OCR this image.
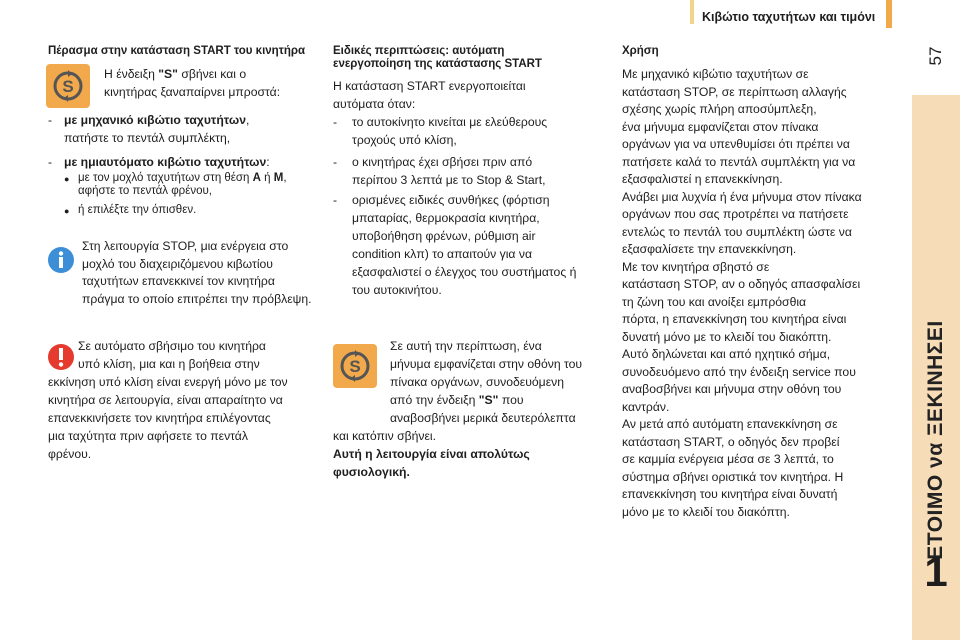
Κιβώτιο ταχυτήτων και τιμόνι
57
ΕΤΟΙΜΟ να ΞΕΚΙΝΗΣΕΙ
1
Πέρασμα στην κατάσταση START του κινητήρα
S
Η ένδειξη "S" σβήνει και ο
κινητήρας ξαναπαίρνει μπροστά:
- με μηχανικό κιβώτιο ταχυτήτων,
πατήστε το πεντάλ συμπλέκτη,
- με ημιαυτόματο κιβώτιο ταχυτήτων:
● με τον μοχλό ταχυτήτων στη θέση A ή M,
αφήστε το πεντάλ φρένου,
● ή επιλέξτε την όπισθεν.
Στη λειτουργία STOP, μια ενέργεια στο
μοχλό του διαχειριζόμενου κιβωτίου
ταχυτήτων επανεκκινεί τον κινητήρα
πράγμα το οποίο επιτρέπει την πρόβλεψη.
Σε αυτόματο σβήσιμο του κινητήρα
υπό κλίση, μια και η βοήθεια στην
εκκίνηση υπό κλίση είναι ενεργή μόνο με τον
κινητήρα σε λειτουργία, είναι απαραίτητο να
επανεκκινήσετε τον κινητήρα επιλέγοντας
μια ταχύτητα πριν αφήσετε το πεντάλ
φρένου.
Ειδικές περιπτώσεις: αυτόματη
ενεργοποίηση της κατάστασης START
Η κατάσταση START ενεργοποιείται
αυτόματα όταν:
- το αυτοκίνητο κινείται με ελεύθερους
τροχούς υπό κλίση,
- ο κινητήρας έχει σβήσει πριν από
περίπου 3 λεπτά με το Stop & Start,
- ορισμένες ειδικές συνθήκες (φόρτιση
μπαταρίας, θερμοκρασία κινητήρα,
υποβοήθηση φρένων, ρύθμιση air
condition κλπ) το απαιτούν για να
εξασφαλιστεί ο έλεγχος του συστήματος ή
του αυτοκινήτου.
S
Σε αυτή την περίπτωση, ένα
μήνυμα εμφανίζεται στην οθόνη του
πίνακα οργάνων, συνοδευόμενη
από την ένδειξη "S" που
αναβοσβήνει μερικά δευτερόλεπτα
και κατόπιν σβήνει.
Αυτή η λειτουργία είναι απολύτως
φυσιολογική.
Χρήση
Με μηχανικό κιβώτιο ταχυτήτων σε
κατάσταση STOP, σε περίπτωση αλλαγής
σχέσης χωρίς πλήρη αποσύμπλεξη,
ένα μήνυμα εμφανίζεται στον πίνακα
οργάνων για να υπενθυμίσει ότι πρέπει να
πατήσετε καλά το πεντάλ συμπλέκτη για να
εξασφαλιστεί η επανεκκίνηση.
Ανάβει μια λυχνία ή ένα μήνυμα στον πίνακα
οργάνων που σας προτρέπει να πατήσετε
εντελώς το πεντάλ του συμπλέκτη ώστε να
εξασφαλίσετε την επανεκκίνηση.
Με τον κινητήρα σβηστό σε
κατάσταση STOP, αν ο οδηγός απασφαλίσει
τη ζώνη του και ανοίξει εμπρόσθια
πόρτα, η επανεκκίνηση του κινητήρα είναι
δυνατή μόνο με το κλειδί του διακόπτη.
Αυτό δηλώνεται και από ηχητικό σήμα,
συνοδευόμενο από την ένδειξη service που
αναβοσβήνει και μήνυμα στην οθόνη του
καντράν.
Αν μετά από αυτόματη επανεκκίνηση σε
κατάσταση START, ο οδηγός δεν προβεί
σε καμμία ενέργεια μέσα σε 3 λεπτά, το
σύστημα σβήνει οριστικά τον κινητήρα. Η
επανεκκίνηση του κινητήρα είναι δυνατή
μόνο με το κλειδί του διακόπτη.
